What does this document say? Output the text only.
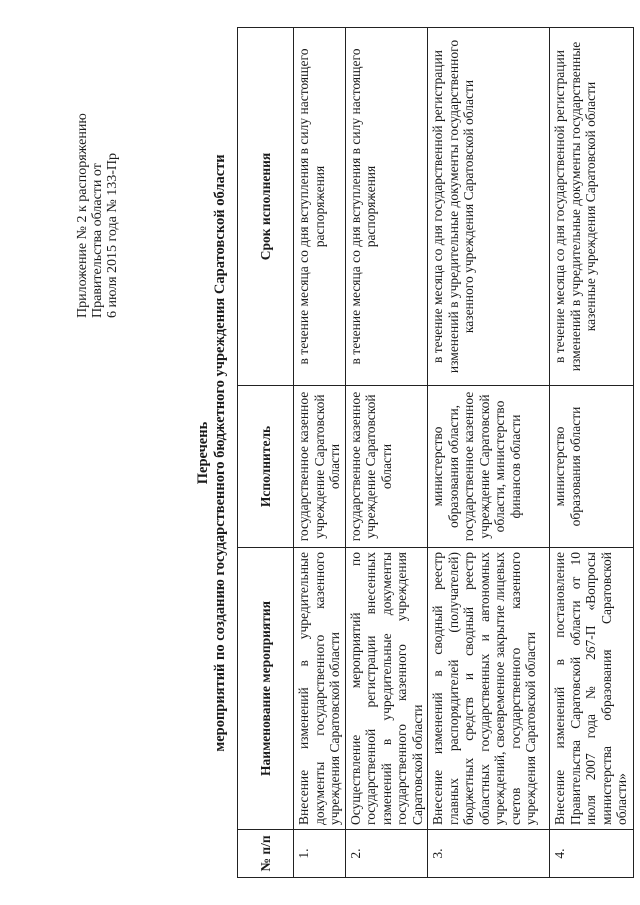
Приложение № 2 к распоряжению Правительства области от 6 июля 2015 года № 133-Пр
Перечень мероприятий по созданию государственного бюджетного учреждения Саратовской области
№ п/п	Наименование мероприятия	Исполнитель	Срок исполнения
1.	Внесение изменений в учредительные документы государственного казенного учреждения Саратовской области	государственное казенное учреждение Саратовской области	в течение месяца со дня вступления в силу настоящего распоряжения
2.	Осуществление мероприятий по государственной регистрации внесенных изменений в учредительные документы государственного казенного учреждения Саратовской области	государственное казенное учреждение Саратовской области	в течение месяца со дня вступления в силу настоящего распоряжения
3.	Внесение изменений в сводный реестр главных распорядителей (получателей) бюджетных средств и сводный реестр областных государственных и автономных учреждений, своевременное закрытие лицевых счетов государственного казенного учреждения Саратовской области	министерство образования области, государственное казенное учреждение Саратовской области, министерство финансов области	в течение месяца со дня государственной регистрации изменений в учредительные документы государственного казенного учреждения Саратовской области
4.	Внесение изменений в постановление Правительства Саратовской области от 10 июля 2007 года № 267-П «Вопросы министерства образования Саратовской области»	министерство образования области	в течение месяца со дня государственной регистрации изменений в учредительные документы государственные казенные учреждения Саратовской области
